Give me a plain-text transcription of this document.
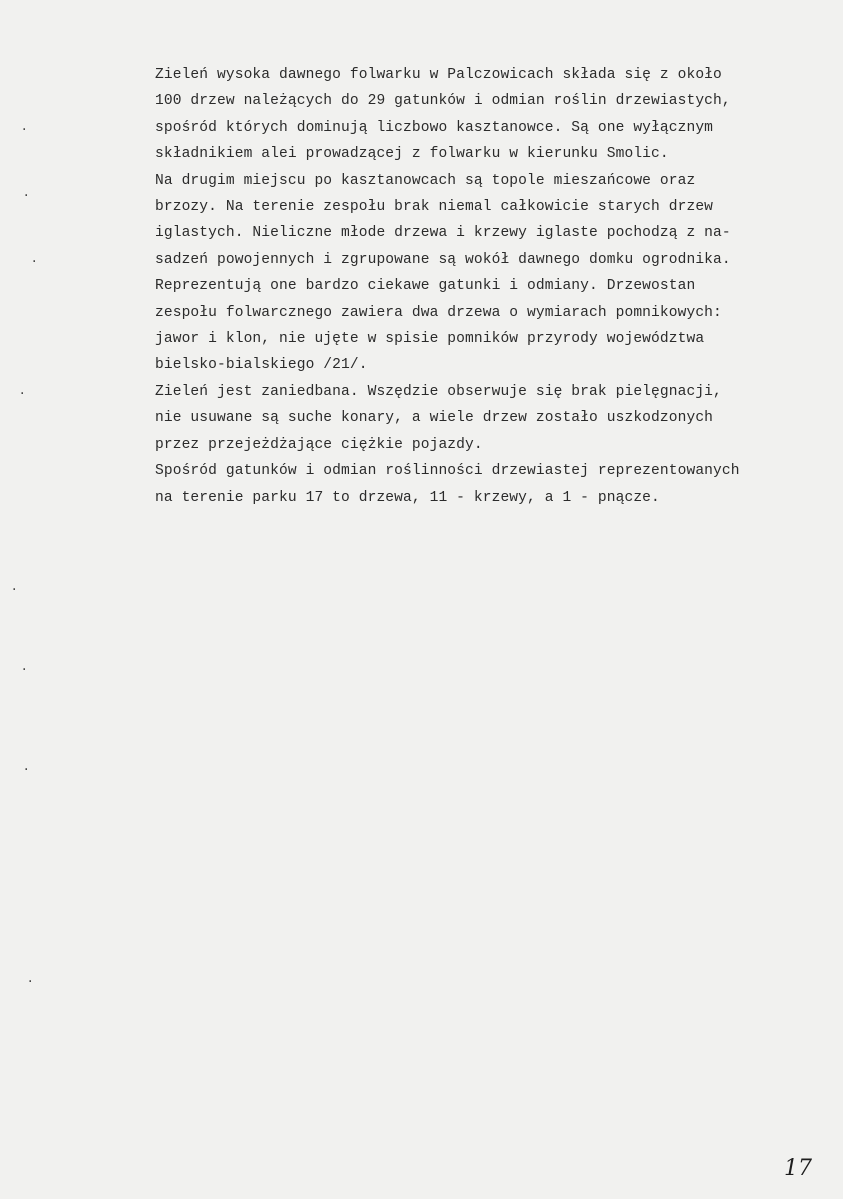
·
·
·
·
·
·
·
·
Zieleń wysoka dawnego folwarku w Palczowicach składa się z około
100 drzew należących do 29 gatunków i odmian roślin drzewiastych,
spośród których dominują liczbowo kasztanowce. Są one wyłącznym
składnikiem alei prowadzącej z folwarku w kierunku Smolic.
Na drugim miejscu po kasztanowcach są topole mieszańcowe oraz
brzozy. Na terenie zespołu brak niemal całkowicie starych drzew
iglastych. Nieliczne młode drzewa i krzewy iglaste pochodzą z na-
sadzeń powojennych i zgrupowane są wokół dawnego domku ogrodnika.
Reprezentują one bardzo ciekawe gatunki i odmiany. Drzewostan
zespołu folwarcznego zawiera dwa drzewa o wymiarach pomnikowych:
jawor i klon, nie ujęte w spisie pomników przyrody województwa
bielsko-bialskiego /21/.
Zieleń jest zaniedbana. Wszędzie obserwuje się brak pielęgnacji,
nie usuwane są suche konary, a wiele drzew zostało uszkodzonych
przez przejeżdżające ciężkie pojazdy.
Spośród gatunków i odmian roślinności drzewiastej reprezentowanych
na terenie parku 17 to drzewa, 11 - krzewy, a 1 - pnącze.
17
